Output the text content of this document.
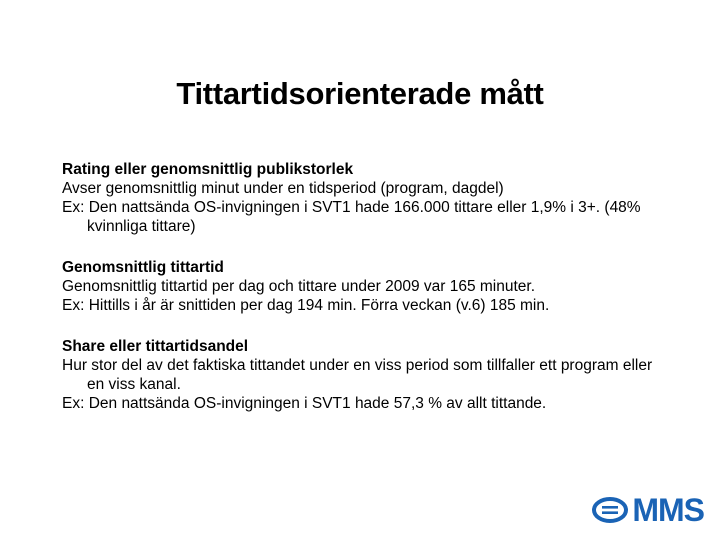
Tittartidsorienterade mått
Rating eller genomsnittlig publikstorlek
Avser genomsnittlig minut under en tidsperiod (program, dagdel)
Ex: Den nattsända OS-invigningen i SVT1 hade 166.000 tittare eller 1,9% i 3+. (48% kvinnliga tittare)
Genomsnittlig tittartid
Genomsnittlig tittartid per dag och tittare under 2009 var 165 minuter.
Ex: Hittills i år är snittiden per dag 194 min. Förra veckan (v.6) 185 min.
Share eller tittartidsandel
Hur stor del av det faktiska tittandet under en viss period som tillfaller ett program eller en viss kanal.
Ex: Den nattsända OS-invigningen i SVT1 hade 57,3 % av allt tittande.
MMS
